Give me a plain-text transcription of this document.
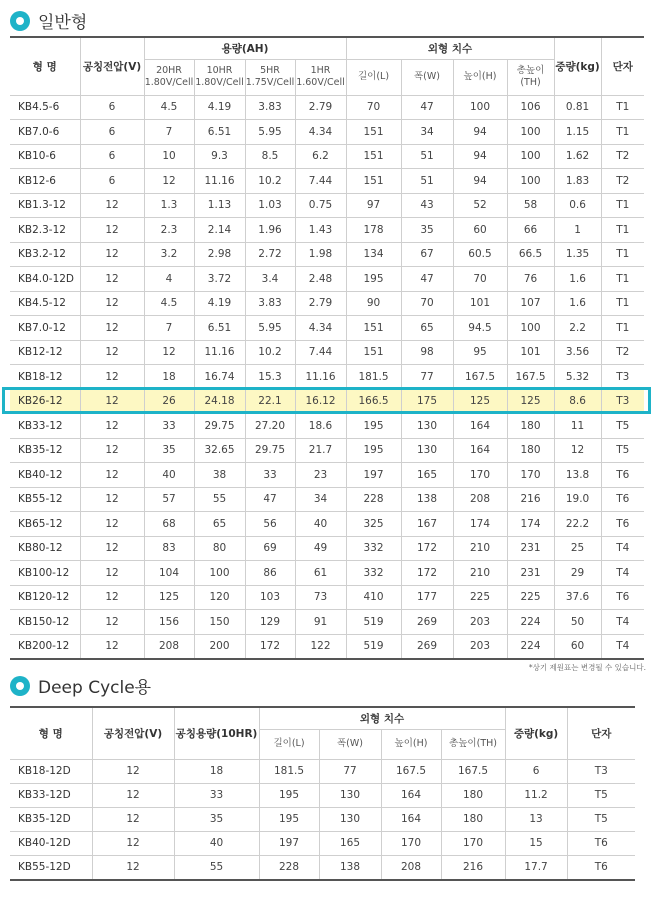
일반형
형 명	공칭전압(V)	용량(AH)				외형 치수				중량(kg)	단자
		20HR 1.80V/Cell	10HR 1.80V/Cell	5HR 1.75V/Cell	1HR 1.60V/Cell	길이(L)	폭(W)	높이(H)	총높이(TH)		
KB4.5-6	6	4.5	4.19	3.83	2.79	70	47	100	106	0.81	T1
KB7.0-6	6	7	6.51	5.95	4.34	151	34	94	100	1.15	T1
KB10-6	6	10	9.3	8.5	6.2	151	51	94	100	1.62	T2
KB12-6	6	12	11.16	10.2	7.44	151	51	94	100	1.83	T2
KB1.3-12	12	1.3	1.13	1.03	0.75	97	43	52	58	0.6	T1
KB2.3-12	12	2.3	2.14	1.96	1.43	178	35	60	66	1	T1
KB3.2-12	12	3.2	2.98	2.72	1.98	134	67	60.5	66.5	1.35	T1
KB4.0-12D	12	4	3.72	3.4	2.48	195	47	70	76	1.6	T1
KB4.5-12	12	4.5	4.19	3.83	2.79	90	70	101	107	1.6	T1
KB7.0-12	12	7	6.51	5.95	4.34	151	65	94.5	100	2.2	T1
KB12-12	12	12	11.16	10.2	7.44	151	98	95	101	3.56	T2
KB18-12	12	18	16.74	15.3	11.16	181.5	77	167.5	167.5	5.32	T3
KB26-12	12	26	24.18	22.1	16.12	166.5	175	125	125	8.6	T3
KB33-12	12	33	29.75	27.20	18.6	195	130	164	180	11	T5
KB35-12	12	35	32.65	29.75	21.7	195	130	164	180	12	T5
KB40-12	12	40	38	33	23	197	165	170	170	13.8	T6
KB55-12	12	57	55	47	34	228	138	208	216	19.0	T6
KB65-12	12	68	65	56	40	325	167	174	174	22.2	T6
KB80-12	12	83	80	69	49	332	172	210	231	25	T4
KB100-12	12	104	100	86	61	332	172	210	231	29	T4
KB120-12	12	125	120	103	73	410	177	225	225	37.6	T6
KB150-12	12	156	150	129	91	519	269	203	224	50	T4
KB200-12	12	208	200	172	122	519	269	203	224	60	T4
*상기 제원표는 변경될 수 있습니다.
Deep Cycle용
형 명	공칭전압(V)	공칭용량(10HR)	외형 치수				중량(kg)	단자
			길이(L)	폭(W)	높이(H)	총높이(TH)		
KB18-12D	12	18	181.5	77	167.5	167.5	6	T3
KB33-12D	12	33	195	130	164	180	11.2	T5
KB35-12D	12	35	195	130	164	180	13	T5
KB40-12D	12	40	197	165	170	170	15	T6
KB55-12D	12	55	228	138	208	216	17.7	T6
